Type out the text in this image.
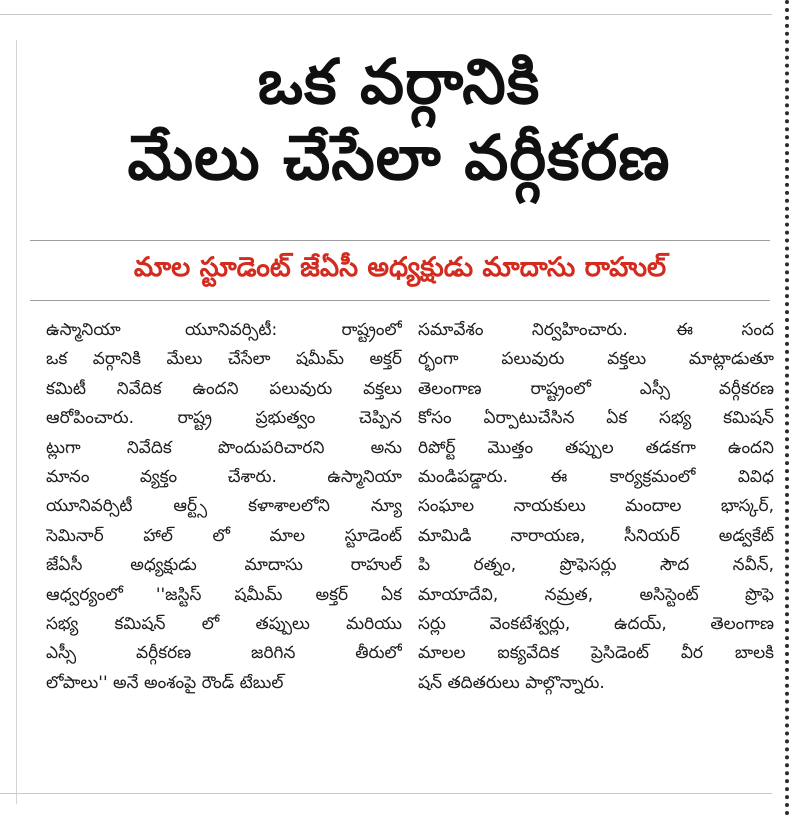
ఒక వర్గానికి
మేలు చేసేలా వర్గీకరణ
మాల స్టూడెంట్ జేఏసీ అధ్యక్షుడు మాదాసు రాహుల్
ఉస్మానియా యూనివర్సిటీ: రాష్ట్రంలో
ఒక వర్గానికి మేలు చేసేలా షమీమ్ అక్తర్
కమిటీ నివేదిక ఉందని పలువురు వక్తలు
ఆరోపించారు. రాష్ట్ర ప్రభుత్వం చెప్పిన
ట్లుగా నివేదిక పొందుపరిచారని అను
మానం వ్యక్తం చేశారు. ఉస్మానియా
యూనివర్సిటీ ఆర్ట్స్ కళాశాలలోని న్యూ
సెమినార్ హాల్ లో మాల స్టూడెంట్
జేఏసీ అధ్యక్షుడు మాదాసు రాహుల్
ఆధ్వర్యంలో ''జస్టిస్ షమీమ్ అక్తర్ ఏక
సభ్య కమిషన్ లో తప్పులు మరియు
ఎస్సీ వర్గీకరణ జరిగిన తీరులో
లోపాలు'' అనే అంశంపై రౌండ్ టేబుల్
సమావేశం నిర్వహించారు. ఈ సంద
ర్భంగా పలువురు వక్తలు మాట్లాడుతూ
తెలంగాణ రాష్ట్రంలో ఎస్సీ వర్గీకరణ
కోసం ఏర్పాటుచేసిన ఏక సభ్య కమిషన్
రిపోర్ట్ మొత్తం తప్పుల తడకగా ఉందని
మండిపడ్డారు. ఈ కార్యక్రమంలో వివిధ
సంఘాల నాయకులు మందాల భాస్కర్,
మామిడి నారాయణ, సీనియర్ అడ్వకేట్
పి రత్నం, ప్రొఫెసర్లు సౌద నవీన్,
మాయాదేవి, నమ్రత, అసిస్టెంట్ ప్రొఫె
సర్లు వెంకటేశ్వర్లు, ఉదయ్, తెలంగాణ
మాలల ఐక్యవేదిక ప్రెసిడెంట్ వీర బాలకి
షన్ తదితరులు పాల్గొన్నారు.
